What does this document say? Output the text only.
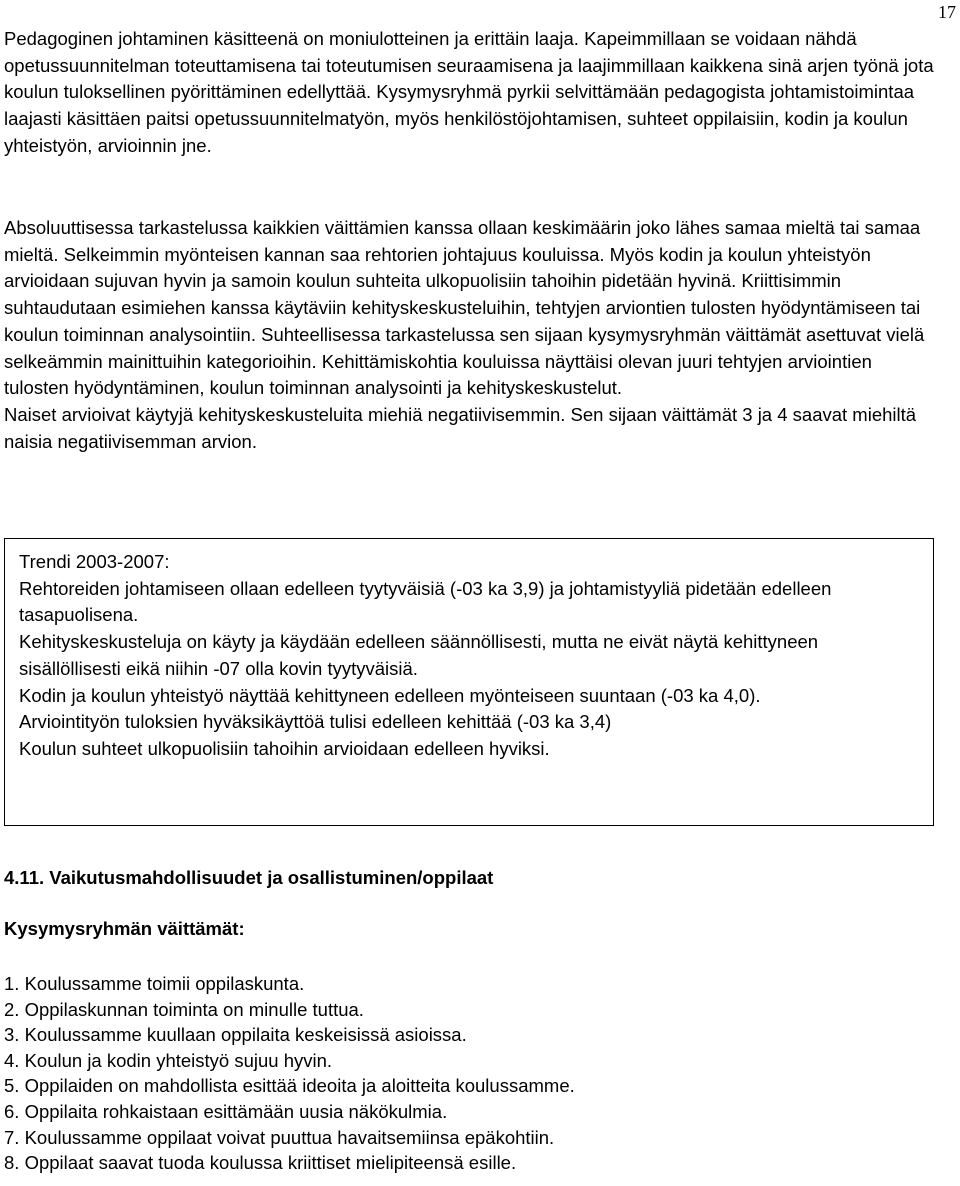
17

Pedagoginen johtaminen käsitteenä on moniulotteinen ja erittäin laaja. Kapeimmillaan se voidaan nähdä opetussuunnitelman toteuttamisena tai toteutumisen seuraamisena ja laajimmillaan kaikkena sinä arjen työnä jota koulun tuloksellinen pyörittäminen edellyttää. Kysymysryhmä pyrkii selvittämään pedagogista johtamistoimintaa laajasti käsittäen paitsi opetussuunnitelmatyön, myös henkilöstöjohtamisen, suhteet oppilaisiin, kodin ja koulun yhteistyön, arvioinnin jne.

Absoluuttisessa tarkastelussa kaikkien väittämien kanssa ollaan keskimäärin joko lähes samaa mieltä tai samaa mieltä. Selkeimmin myönteisen kannan saa rehtorien johtajuus kouluissa. Myös kodin ja koulun yhteistyön arvioidaan sujuvan hyvin ja samoin koulun suhteita ulkopuolisiin tahoihin pidetään hyvinä. Kriittisimmin suhtaudutaan esimiehen kanssa käytäviin kehityskeskusteluihin, tehtyjen arviontien tulosten hyödyntämiseen tai koulun toiminnan analysointiin. Suhteellisessa tarkastelussa sen sijaan kysymysryhmän väittämät asettuvat vielä selkeämmin mainittuihin kategorioihin. Kehittämiskohtia kouluissa näyttäisi olevan juuri tehtyjen arviointien tulosten hyödyntäminen, koulun toiminnan analysointi ja kehityskeskustelut.

Naiset arvioivat käytyjä kehityskeskusteluita miehiä negatiivisemmin. Sen sijaan väittämät 3 ja 4 saavat miehiltä naisia negatiivisemman arvion.

Trendi 2003-2007:
Rehtoreiden johtamiseen ollaan edelleen tyytyväisiä (-03 ka 3,9) ja johtamistyyliä pidetään edelleen tasapuolisena.
Kehityskeskusteluja on käyty ja käydään edelleen säännöllisesti, mutta ne eivät näytä kehittyneen sisällöllisesti eikä niihin -07 olla kovin tyytyväisiä.
Kodin ja koulun yhteistyö näyttää kehittyneen edelleen myönteiseen suuntaan (-03 ka 4,0).
Arviointityön tuloksien hyväksikäyttöä tulisi edelleen kehittää (-03 ka 3,4)
Koulun suhteet ulkopuolisiin tahoihin arvioidaan edelleen hyviksi.
4.11. Vaikutusmahdollisuudet ja osallistuminen/oppilaat
Kysymysryhmän väittämät:
1. Koulussamme toimii oppilaskunta.
2. Oppilaskunnan toiminta on minulle tuttua.
3. Koulussamme kuullaan oppilaita keskeisissä asioissa.
4. Koulun ja kodin yhteistyö sujuu hyvin.
5. Oppilaiden on mahdollista esittää ideoita ja aloitteita koulussamme.
6. Oppilaita rohkaistaan esittämään uusia näkökulmia.
7. Koulussamme oppilaat voivat puuttua havaitsemiinsa epäkohtiin.
8. Oppilaat saavat tuoda koulussa kriittiset mielipiteensä esille.
